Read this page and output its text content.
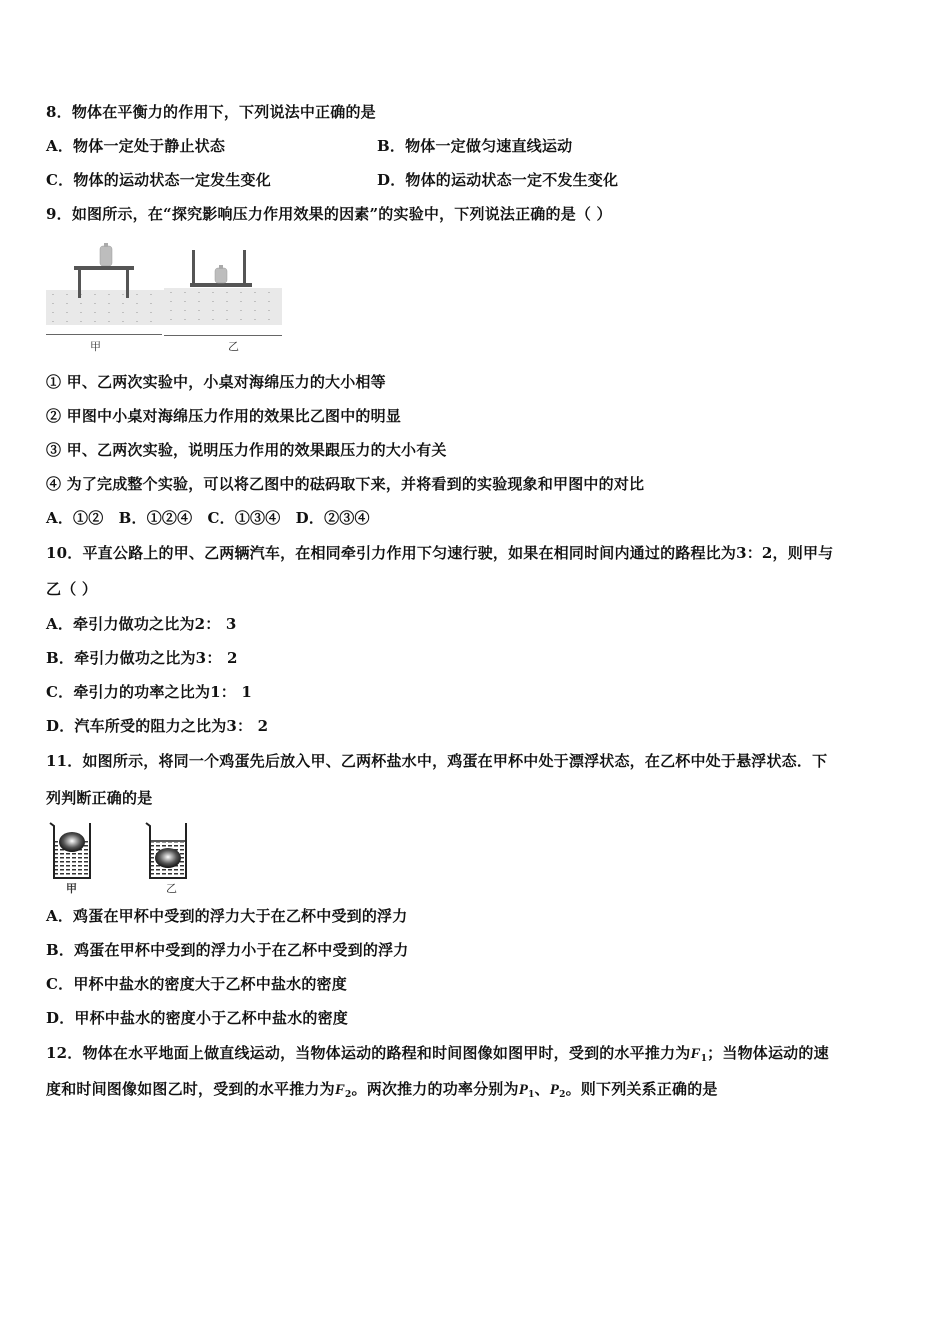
8．物体在平衡力的作用下，下列说法中正确的是
A．物体一定处于静止状态	B．物体一定做匀速直线运动
C．物体的运动状态一定发生变化	D．物体的运动状态一定不发生变化
9．如图所示，在“探究影响压力作用效果的因素”的实验中，下列说法正确的是（ ）
甲	乙
① 甲、乙两次实验中，小桌对海绵压力的大小相等
② 甲图中小桌对海绵压力作用的效果比乙图中的明显
③ 甲、乙两次实验，说明压力作用的效果跟压力的大小有关
④ 为了完成整个实验，可以将乙图中的砝码取下来，并将看到的实验现象和甲图中的对比
A．①②　B．①②④　C．①③④　D．②③④
10．平直公路上的甲、乙两辆汽车，在相同牵引力作用下匀速行驶，如果在相同时间内通过的路程比为3：2，则甲与
乙（ ）
A．牵引力做功之比为2： 3
B．牵引力做功之比为3： 2
C．牵引力的功率之比为1： 1
D．汽车所受的阻力之比为3： 2
11．如图所示，将同一个鸡蛋先后放入甲、乙两杯盐水中，鸡蛋在甲杯中处于漂浮状态，在乙杯中处于悬浮状态．下
列判断正确的是
甲	乙
A．鸡蛋在甲杯中受到的浮力大于在乙杯中受到的浮力
B．鸡蛋在甲杯中受到的浮力小于在乙杯中受到的浮力
C．甲杯中盐水的密度大于乙杯中盐水的密度
D．甲杯中盐水的密度小于乙杯中盐水的密度
12．物体在水平地面上做直线运动，当物体运动的路程和时间图像如图甲时，受到的水平推力为$F_1$；当物体运动的速
度和时间图像如图乙时，受到的水平推力为$F_2$。两次推力的功率分别为$P_1$、$P_2$。则下列关系正确的是
